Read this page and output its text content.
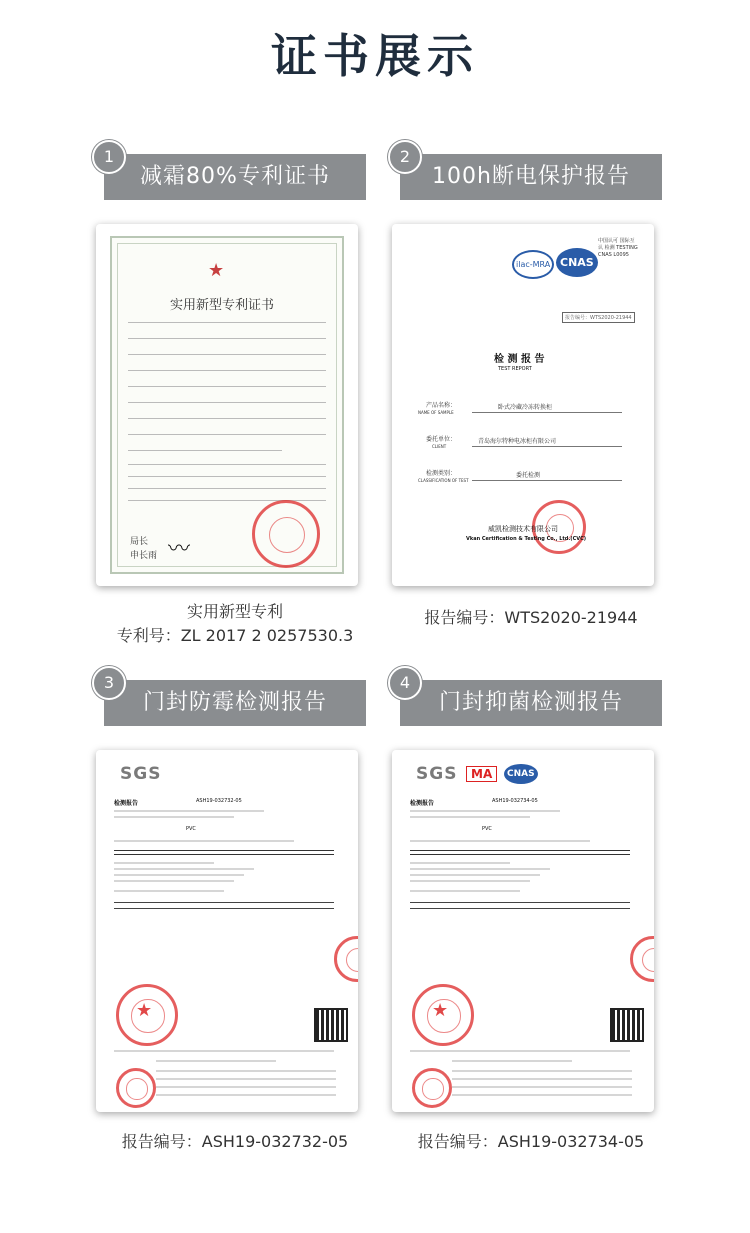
证书展示
减霜80%专利证书
1
★
实用新型专利证书
局长
申长雨 〰
实用新型专利
专利号：ZL 2017 2 0257530.3
100h断电保护报告
2
ilac-MRA CNAS
中国认可 国际互认 检测 TESTING CNAS L0095
报告编号：WTS2020-21944
检 测 报 告
TEST REPORT
产品名称：
NAME OF SAMPLE
卧式冷藏冷冻转换柜
委托单位：
CLIENT
青岛海尔特种电冰柜有限公司
检测类别：
CLASSIFICATION OF TEST
委托检测
威凯检测技术有限公司
Vkan Certification & Testing Co., Ltd.(CVC)
报告编号：WTS2020-21944
门封防霉检测报告
3
SGS
检测报告	ASH19-032732-05
PVC
★
报告编号：ASH19-032732-05
门封抑菌检测报告
4
SGS	MA	CNAS
检测报告	ASH19-032734-05
PVC
★
报告编号：ASH19-032734-05
